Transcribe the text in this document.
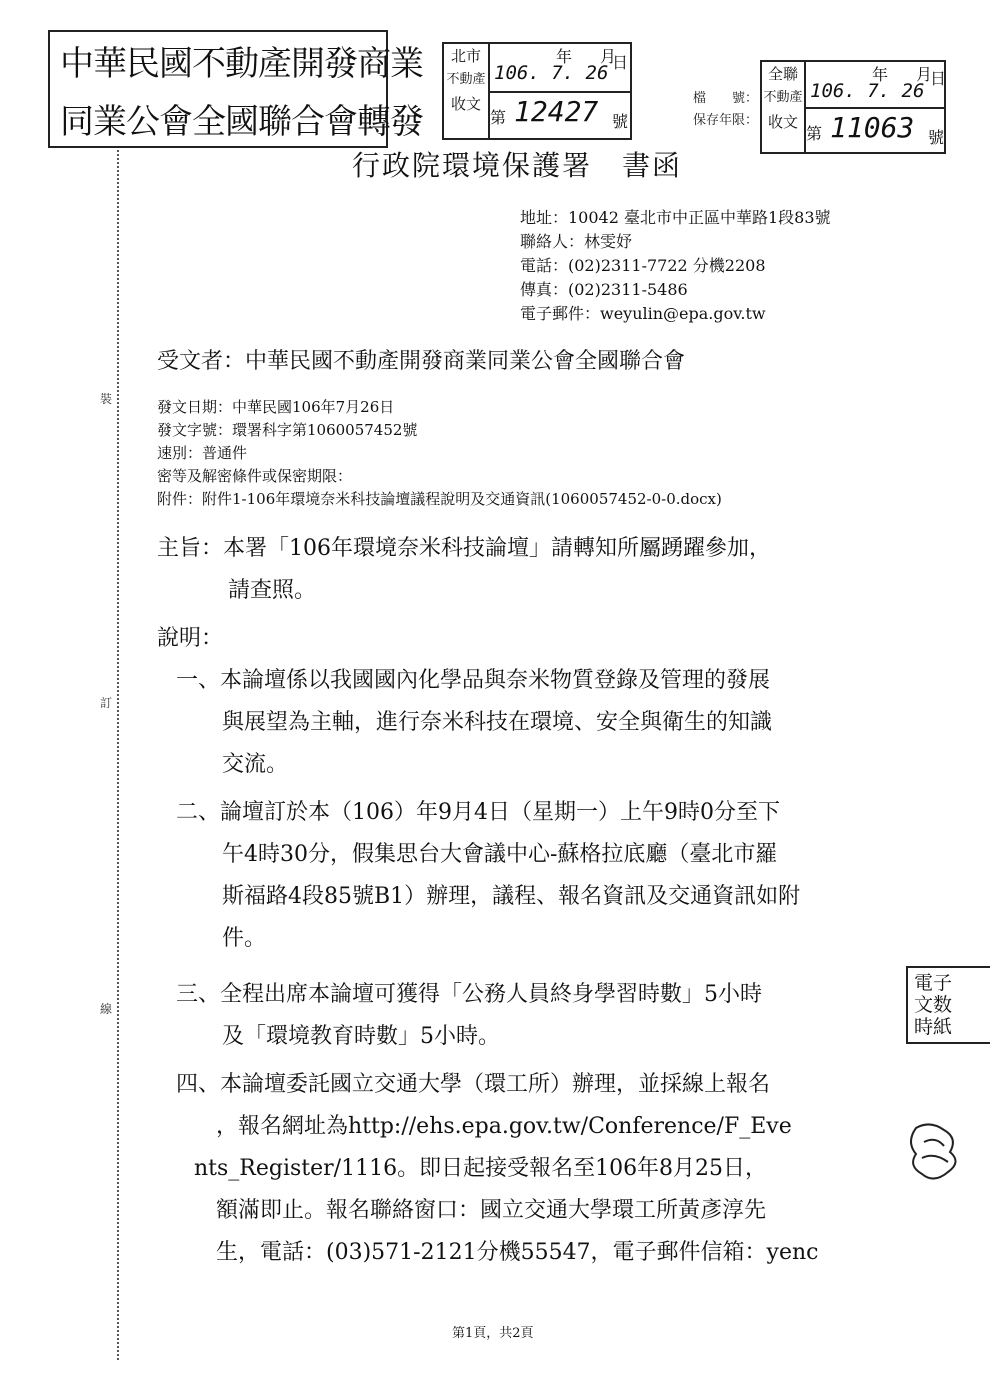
裝
訂
線
中華民國不動產開發商業
同業公會全國聯合會轉發
北市
不動產
收文
年 月
日
106. 7. 26
第 12427 號
檔　　號：
保存年限：
全聯
不動產
收文
年 月
日
106. 7. 26
第 11063 號
行政院環境保護署　書函
地址：10042 臺北市中正區中華路1段83號
聯絡人：林雯妤
電話：(02)2311-7722 分機2208
傳真：(02)2311-5486
電子郵件：weyulin@epa.gov.tw
受文者：中華民國不動產開發商業同業公會全國聯合會
發文日期：中華民國106年7月26日
發文字號：環署科字第1060057452號
速別：普通件
密等及解密條件或保密期限：
附件：附件1-106年環境奈米科技論壇議程說明及交通資訊(1060057452-0-0.docx)
主旨：本署「106年環境奈米科技論壇」請轉知所屬踴躍參加，
請查照。
說明：
一、本論壇係以我國國內化學品與奈米物質登錄及管理的發展
與展望為主軸，進行奈米科技在環境、安全與衛生的知識
交流。
二、論壇訂於本（106）年9月4日（星期一）上午9時0分至下
午4時30分，假集思台大會議中心-蘇格拉底廳（臺北市羅
斯福路4段85號B1）辦理，議程、報名資訊及交通資訊如附
件。
三、全程出席本論壇可獲得「公務人員終身學習時數」5小時
及「環境教育時數」5小時。
四、本論壇委託國立交通大學（環工所）辦理，並採線上報名
，報名網址為http://ehs.epa.gov.tw/Conference/F_Eve
nts_Register/1116。即日起接受報名至106年8月25日，
額滿即止。報名聯絡窗口：國立交通大學環工所黃彥淳先
生，電話：(03)571-2121分機55547，電子郵件信箱：yenc
電子
文数
時紙
第1頁，共2頁
